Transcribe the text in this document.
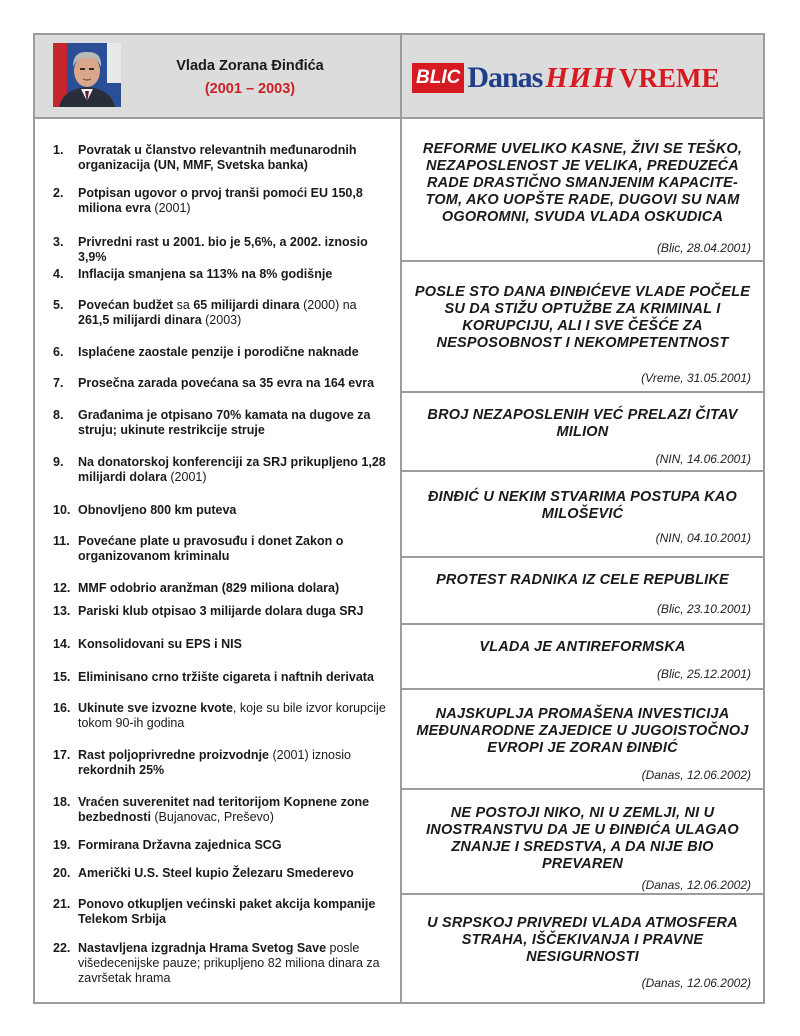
Vlada Zorana Đinđića
(2001 – 2003)
BLIC Danas НИН VREME
1.	Povratak u članstvo relevantnih međunarodnih organizacija (UN, MMF, Svetska banka)
2.	Potpisan ugovor o prvoj tranši pomoći EU 150,8 miliona evra (2001)
3.	Privredni rast u 2001. bio je 5,6%, a 2002. iznosio 3,9%
4.	Inflacija smanjena sa 113% na 8% godišnje
5.	Povećan budžet sa 65 milijardi dinara (2000) na 261,5 milijardi dinara (2003)
6.	Isplaćene zaostale penzije i porodične naknade
7.	Prosečna zarada povećana sa 35 evra na 164 evra
8.	Građanima je otpisano 70% kamata na dugove za struju; ukinute restrikcije struje
9.	Na donatorskoj konferenciji za SRJ prikupljeno 1,28 milijardi dolara (2001)
10. Obnovljeno 800 km puteva
11. Povećane plate u pravosuđu i donet Zakon o organizovanom kriminalu
12. MMF odobrio aranžman (829 miliona dolara)
13. Pariski klub otpisao 3 milijarde dolara duga SRJ
14. Konsolidovani su EPS i NIS
15. Eliminisano crno tržište cigareta i naftnih derivata
16. Ukinute sve izvozne kvote, koje su bile izvor korupcije tokom 90-ih godina
17. Rast poljoprivredne proizvodnje (2001) iznosio rekordnih 25%
18. Vraćen suverenitet nad teritorijom Kopnene zone bezbednosti (Bujanovac, Preševo)
19. Formirana Državna zajednica SCG
20. Američki U.S. Steel kupio Železaru Smederevo
21. Ponovo otkupljen većinski paket akcija kompanije Telekom Srbija
22. Nastavljena izgradnja Hrama Svetog Save posle višedecenijske pauze; prikupljeno 82 miliona dinara za završetak hrama
REFORME UVELIKO KASNE, ŽIVI SE TEŠKO, NEZAPOSLENOST JE VELIKA, PREDUZEĆA RADE DRASTIČNO SMANJENIM KAPACITE-TOM, AKO UOPŠTE RADE, DUGOVI SU NAM OGOROMNI, SVUDA VLADA OSKUDICA
(Blic, 28.04.2001)
POSLE STO DANA ĐINĐIĆEVE VLADE POČELE SU DA STIŽU OPTUŽBE ZA KRIMINAL I KORUPCIJU, ALI I SVE ČEŠĆE ZA NESPOSOBNOST I NEKOMPETENTNOST
(Vreme, 31.05.2001)
BROJ NEZAPOSLENIH VEĆ PRELAZI ČITAV MILION
(NIN, 14.06.2001)
ĐINĐIĆ U NEKIM STVARIMA POSTUPA KAO MILOŠEVIĆ
(NIN, 04.10.2001)
PROTEST RADNIKA IZ CELE REPUBLIKE
(Blic, 23.10.2001)
VLADA JE ANTIREFORMSKA
(Blic, 25.12.2001)
NAJSKUPLJA PROMAŠENA INVESTICIJA MEĐUNARODNE ZAJEDICE U JUGOISTOČNOJ EVROPI JE ZORAN ĐINĐIĆ
(Danas, 12.06.2002)
NE POSTOJI NIKO, NI U ZEMLJI, NI U INOSTRANSTVU DA JE U ĐINĐIĆA ULAGAO ZNANJE I SREDSTVA, A DA NIJE BIO PREVAREN
(Danas, 12.06.2002)
U SRPSKOJ PRIVREDI VLADA ATMOSFERA STRAHA, IŠČEKIVANJA I PRAVNE NESIGURNOSTI
(Danas, 12.06.2002)
